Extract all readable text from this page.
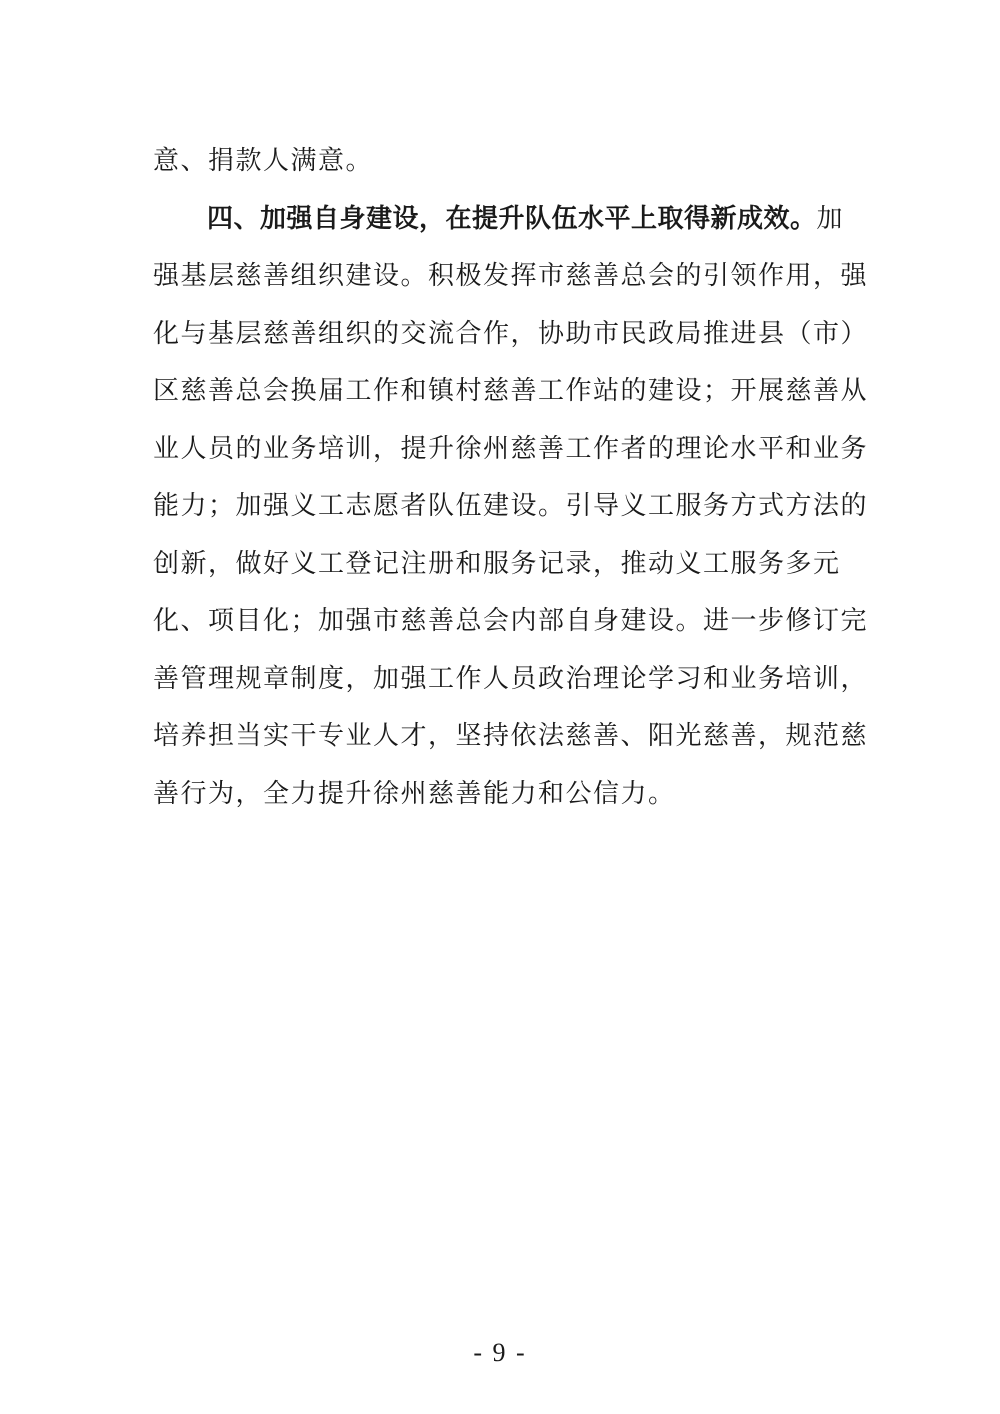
意、捐款人满意。
四、加强自身建设，在提升队伍水平上取得新成效。加
强基层慈善组织建设。积极发挥市慈善总会的引领作用，强
化与基层慈善组织的交流合作，协助市民政局推进县（市）
区慈善总会换届工作和镇村慈善工作站的建设；开展慈善从
业人员的业务培训，提升徐州慈善工作者的理论水平和业务
能力；加强义工志愿者队伍建设。引导义工服务方式方法的
创新，做好义工登记注册和服务记录，推动义工服务多元
化、项目化；加强市慈善总会内部自身建设。进一步修订完
善管理规章制度，加强工作人员政治理论学习和业务培训，
培养担当实干专业人才，坚持依法慈善、阳光慈善，规范慈
善行为，全力提升徐州慈善能力和公信力。
- 9 -
